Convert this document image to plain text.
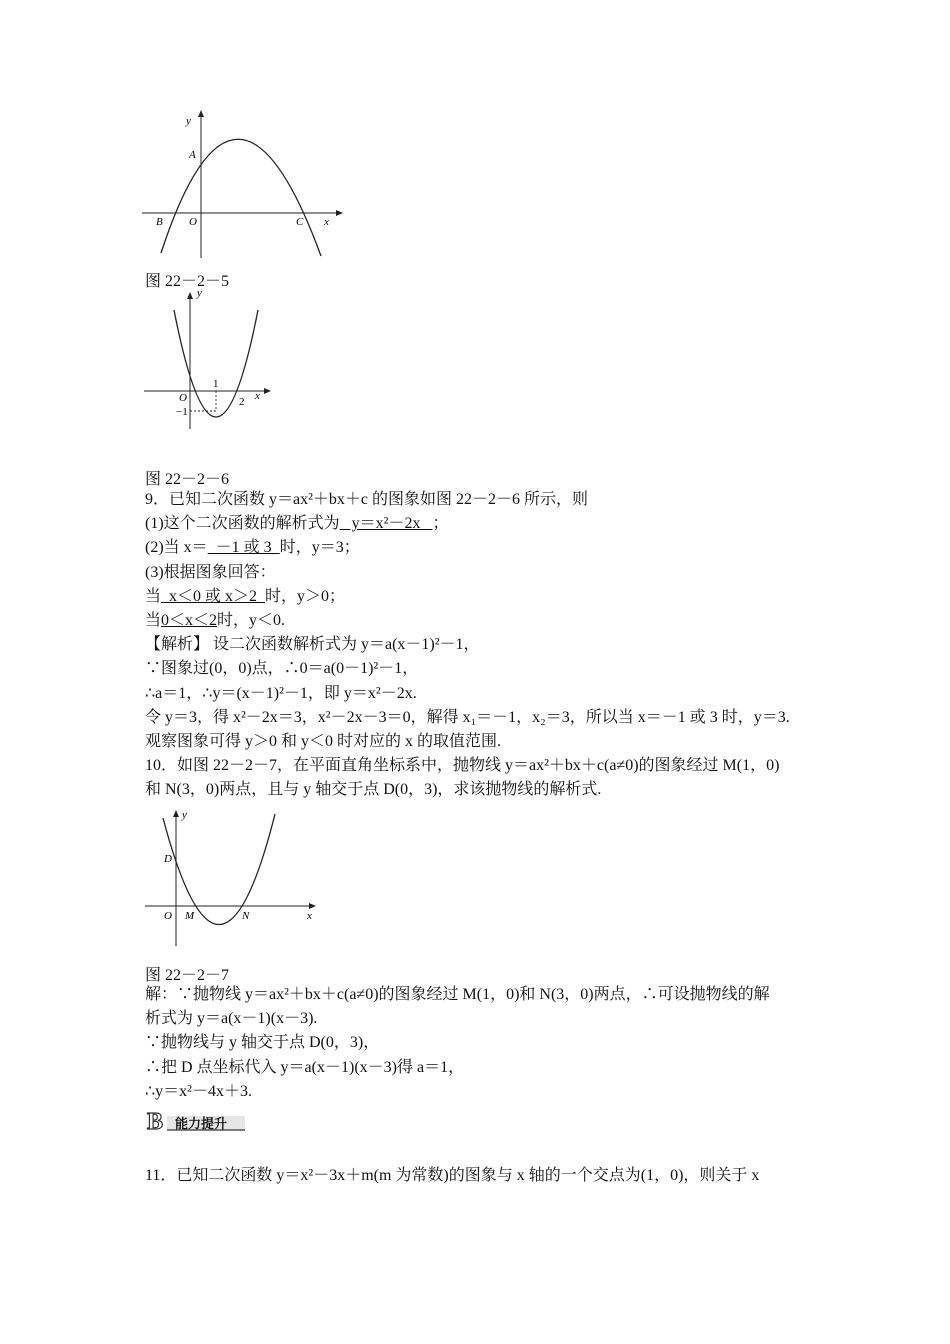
y
x
A
B O	C
图 22－2－5
y
x
O
1
2
−1
图 22－2－6
9．已知二次函数 y＝ax²＋bx＋c 的图象如图 22－2－6 所示，则
(1)这个二次函数的解析式为   y＝x²－2x   ；
(2)当 x＝  －1 或 3  时，y＝3；
(3)根据图象回答：
当  x＜0 或 x＞2  时，y＞0；
当0＜x＜2时，y＜0.
【解析】 设二次函数解析式为 y＝a(x－1)²－1，
∵图象过(0，0)点，∴0＝a(0－1)²－1，
∴a＝1，∴y＝(x－1)²－1，即 y＝x²－2x.
令 y＝3，得 x²－2x＝3，x²－2x－3＝0，解得 x₁＝－1，x₂＝3，所以当 x＝－1 或 3 时，y＝3.
观察图象可得 y＞0 和 y＜0 时对应的 x 的取值范围.
10．如图 22－2－7，在平面直角坐标系中，抛物线 y＝ax²＋bx＋c(a≠0)的图象经过 M(1，0)
和 N(3，0)两点，且与 y 轴交于点 D(0，3)，求该抛物线的解析式.
y
x
D
O M	N
图 22－2－7
解：∵抛物线 y＝ax²＋bx＋c(a≠0)的图象经过 M(1，0)和 N(3，0)两点，∴可设抛物线的解
析式为 y＝a(x－1)(x－3).
∵抛物线与 y 轴交于点 D(0，3)，
∴把 D 点坐标代入 y＝a(x－1)(x－3)得 a＝1，
∴y＝x²－4x＋3.
B 能力提升
11．已知二次函数 y＝x²－3x＋m(m 为常数)的图象与 x 轴的一个交点为(1，0)，则关于 x
